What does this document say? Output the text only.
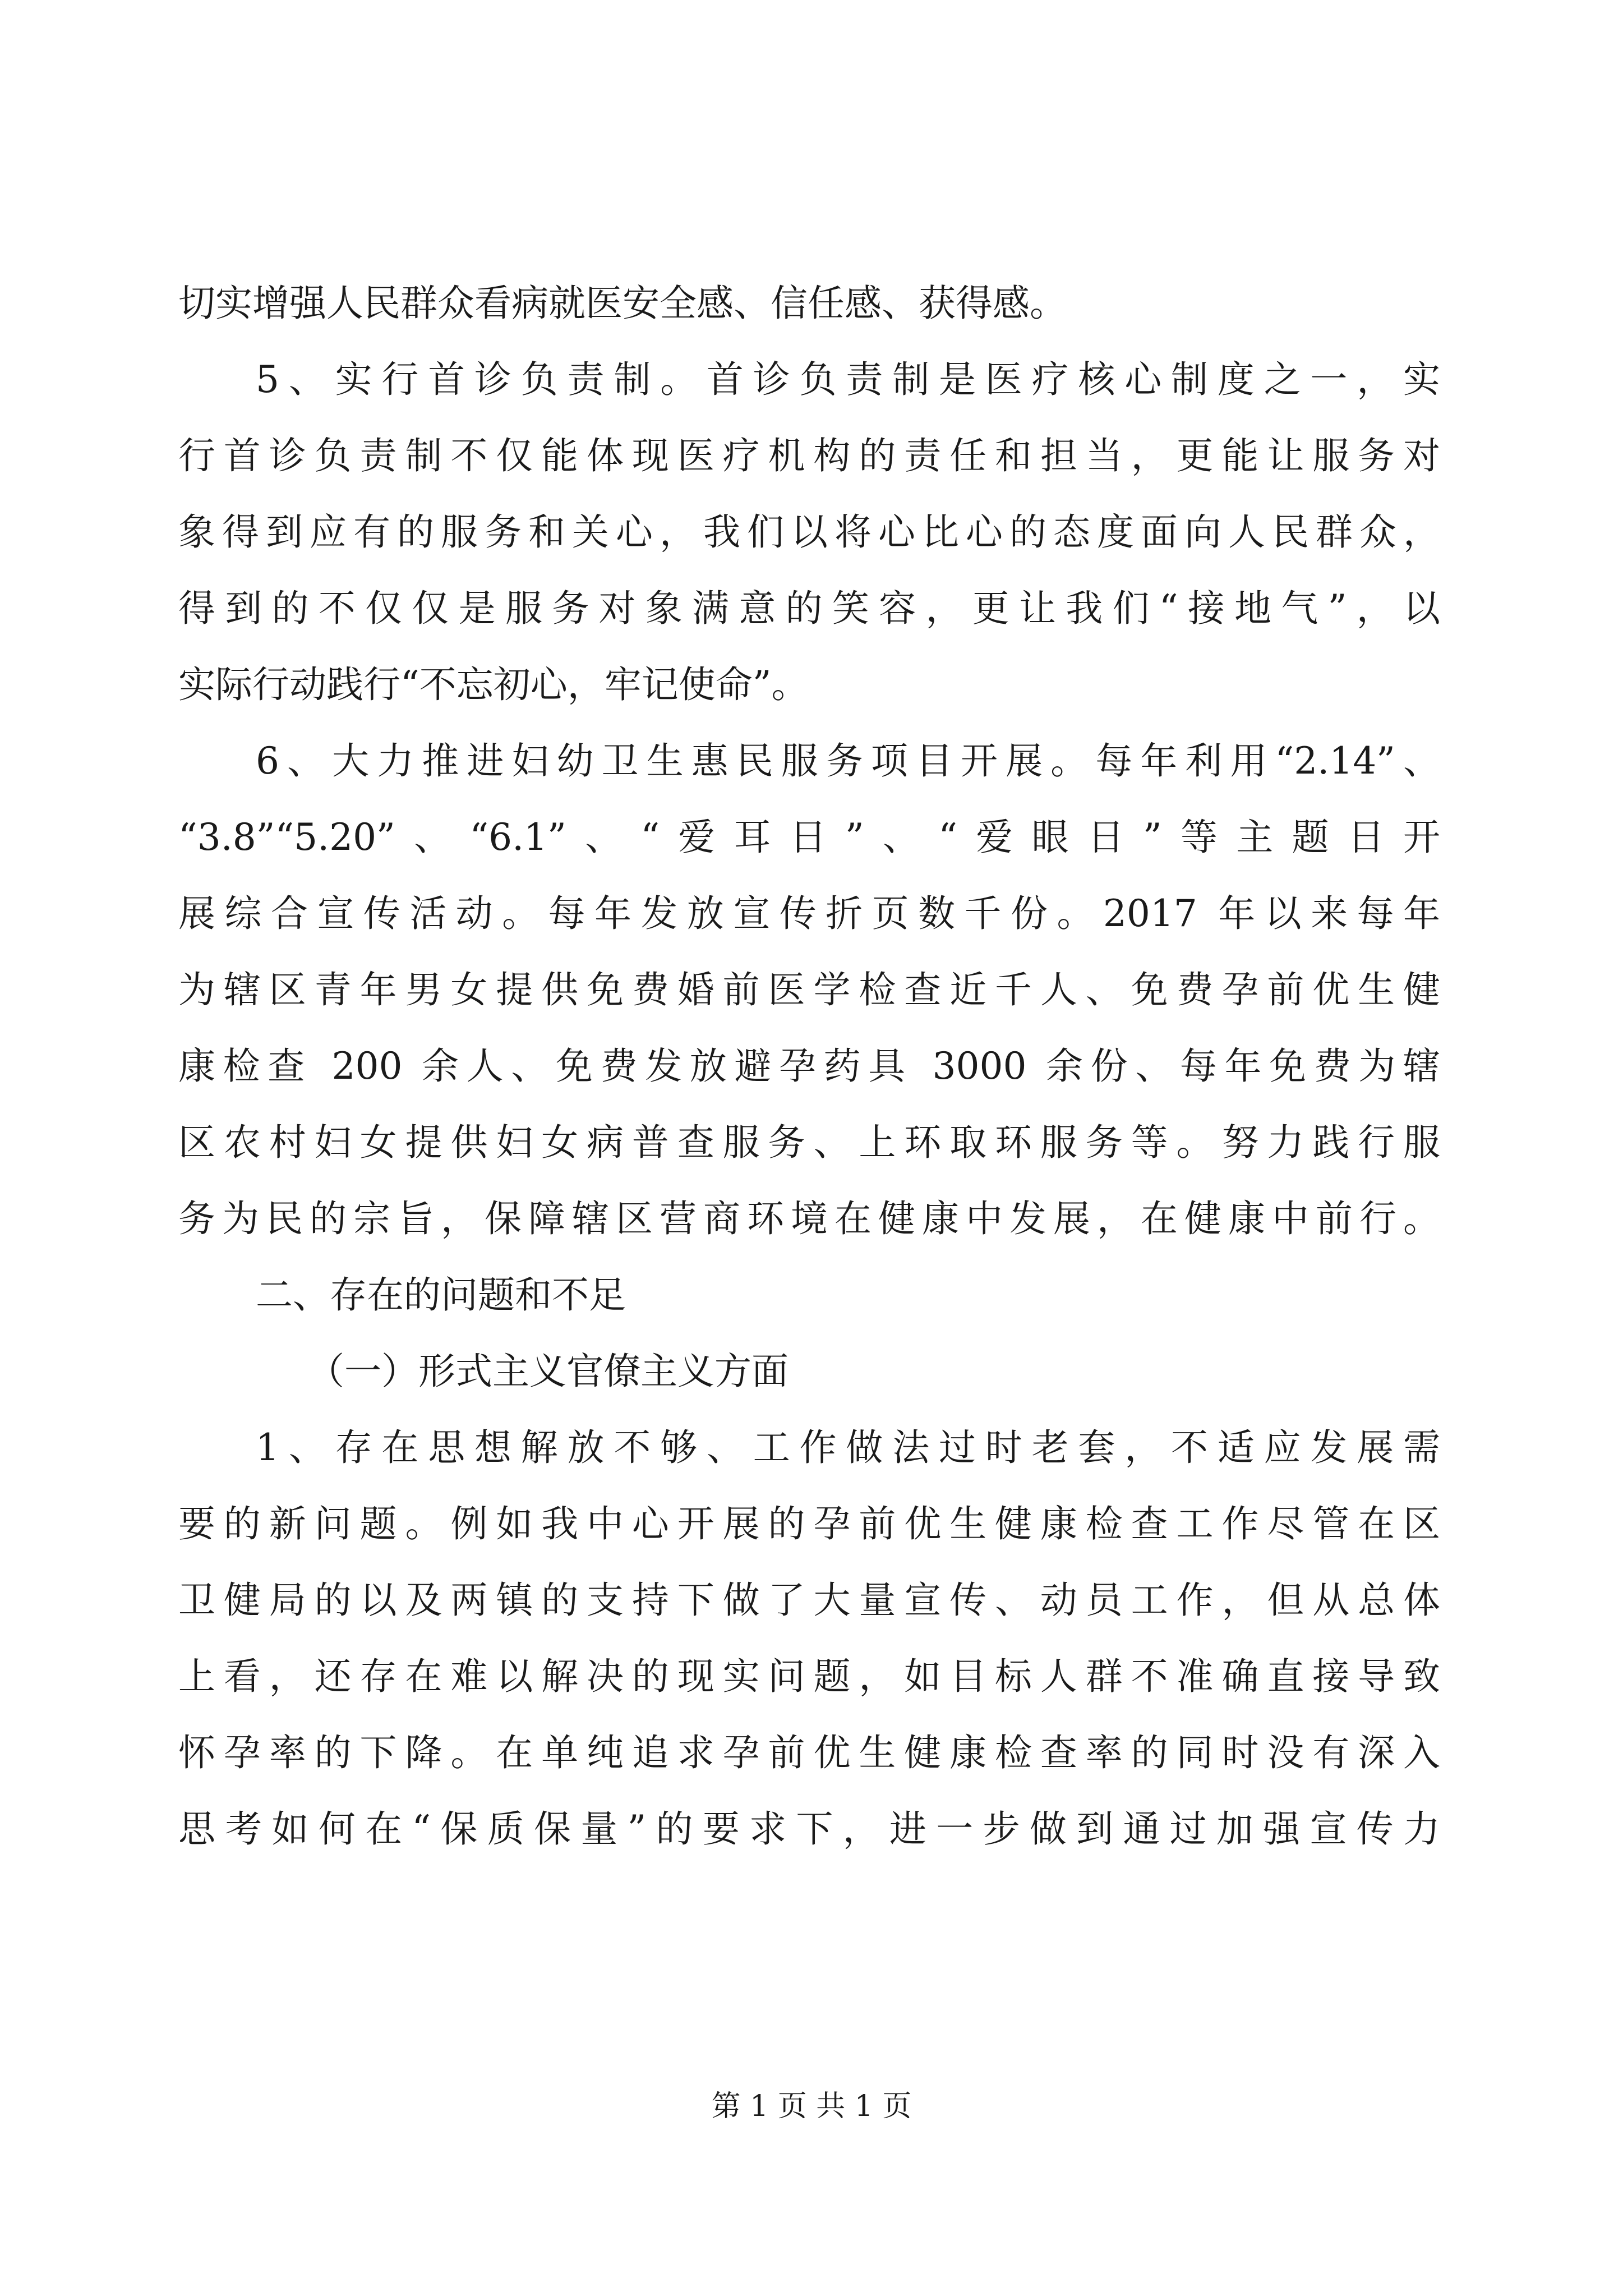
切实增强人民群众看病就医安全感、信任感、获得感。
5、实行首诊负责制。首诊负责制是医疗核心制度之一，实
行首诊负责制不仅能体现医疗机构的责任和担当，更能让服务对
象得到应有的服务和关心，我们以将心比心的态度面向人民群众，
得到的不仅仅是服务对象满意的笑容，更让我们“接地气”，以
实际行动践行“不忘初心，牢记使命”。
6、大力推进妇幼卫生惠民服务项目开展。每年利用“2.14”、
“3.8”“5.20”、“6.1”、“爱耳日”、“爱眼日”等主题日开
展综合宣传活动。每年发放宣传折页数千份。2017 年以来每年
为辖区青年男女提供免费婚前医学检查近千人、免费孕前优生健
康检查 200 余人、免费发放避孕药具 3000 余份、每年免费为辖
区农村妇女提供妇女病普查服务、上环取环服务等。努力践行服
务为民的宗旨，保障辖区营商环境在健康中发展，在健康中前行。
二、存在的问题和不足
（一）形式主义官僚主义方面
1、存在思想解放不够、工作做法过时老套，不适应发展需
要的新问题。例如我中心开展的孕前优生健康检查工作尽管在区
卫健局的以及两镇的支持下做了大量宣传、动员工作，但从总体
上看，还存在难以解决的现实问题，如目标人群不准确直接导致
怀孕率的下降。在单纯追求孕前优生健康检查率的同时没有深入
思考如何在“保质保量”的要求下，进一步做到通过加强宣传力
第 1 页 共 1 页
